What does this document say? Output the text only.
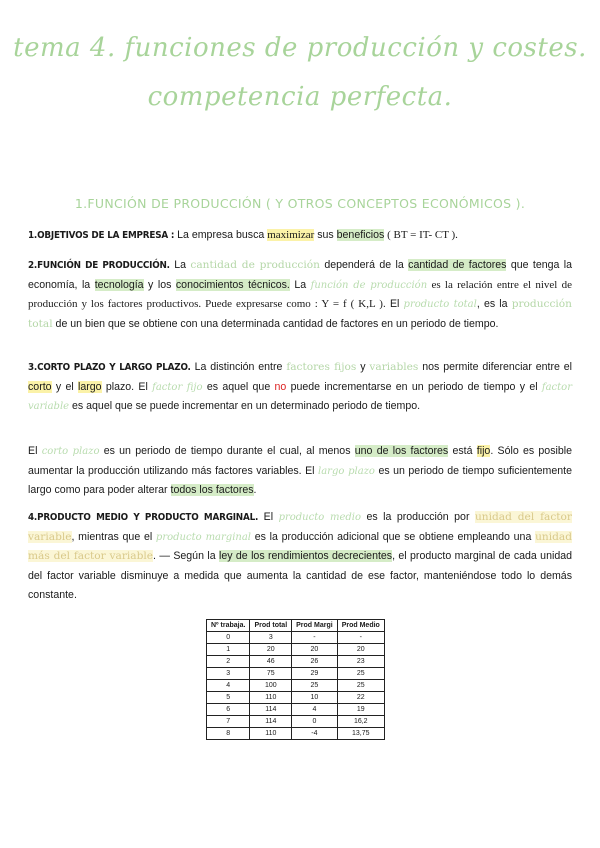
tema 4. funciones de producción y costes.
competencia perfecta.
1.FUNCIÓN DE PRODUCCIÓN ( Y OTROS CONCEPTOS ECONÓMICOS ).
1.OBJETIVOS DE LA EMPRESA : La empresa busca maximizar sus beneficios ( BT = IT- CT ).
2.FUNCIÓN DE PRODUCCIÓN. La cantidad de producción dependerá de la cantidad de factores que tenga la economía, la tecnología y los conocimientos técnicos. La función de producción es la relación entre el nivel de producción y los factores productivos. Puede expresarse como : Y = f ( K,L ). El producto total, es la producción total de un bien que se obtiene con una determinada cantidad de factores en un periodo de tiempo.
3.CORTO PLAZO Y LARGO PLAZO. La distinción entre factores fijos y variables nos permite diferenciar entre el corto y el largo plazo. El factor fijo es aquel que no puede incrementarse en un periodo de tiempo y el factor variable es aquel que se puede incrementar en un determinado periodo de tiempo.
El corto plazo es un periodo de tiempo durante el cual, al menos uno de los factores está fijo. Sólo es posible aumentar la producción utilizando más factores variables. El largo plazo es un periodo de tiempo suficientemente largo como para poder alterar todos los factores.
4.PRODUCTO MEDIO Y PRODUCTO MARGINAL. El producto medio es la producción por unidad del factor variable, mientras que el producto marginal es la producción adicional que se obtiene empleando una unidad más del factor variable. — Según la ley de los rendimientos decrecientes, el producto marginal de cada unidad del factor variable disminuye a medida que aumenta la cantidad de ese factor, manteniéndose todo lo demás constante.
Nº trabaja.	Prod total	Prod Margi	Prod Medio
0	3	-	-
1	20	20	20
2	46	26	23
3	75	29	25
4	100	25	25
5	110	10	22
6	114	4	19
7	114	0	16,2
8	110	-4	13,75
